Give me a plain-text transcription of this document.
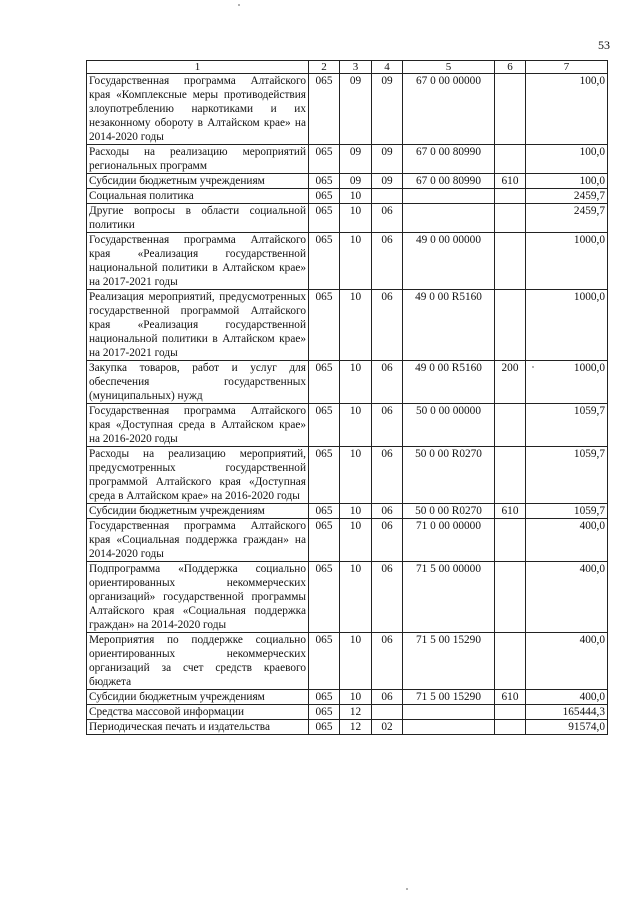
53
1	2	3	4	5	6	7
Государственная программа Алтайского края «Комплексные меры противодействия злоупотреблению наркотиками и их незаконному обороту в Алтайском крае» на 2014-2020 годы	065	09	09	67 0 00 00000		100,0
Расходы на реализацию мероприятий региональных программ	065	09	09	67 0 00 80990		100,0
Субсидии бюджетным учреждениям	065	09	09	67 0 00 80990	610	100,0
Социальная политика	065	10				2459,7
Другие вопросы в области социальной политики	065	10	06			2459,7
Государственная программа Алтайского края «Реализация государственной национальной политики в Алтайском крае» на 2017-2021 годы	065	10	06	49 0 00 00000		1000,0
Реализация мероприятий, предусмотренных государственной программой Алтайского края «Реализация государственной национальной политики в Алтайском крае» на 2017-2021 годы	065	10	06	49 0 00 R5160		1000,0
Закупка товаров, работ и услуг для обеспечения государственных (муниципальных) нужд	065	10	06	49 0 00 R5160	200	1000,0
Государственная программа Алтайского края «Доступная среда в Алтайском крае» на 2016-2020 годы	065	10	06	50 0 00 00000		1059,7
Расходы на реализацию мероприятий, предусмотренных государственной программой Алтайского края «Доступная среда в Алтайском крае» на 2016-2020 годы	065	10	06	50 0 00 R0270		1059,7
Субсидии бюджетным учреждениям	065	10	06	50 0 00 R0270	610	1059,7
Государственная программа Алтайского края «Социальная поддержка граждан» на 2014-2020 годы	065	10	06	71 0 00 00000		400,0
Подпрограмма «Поддержка социально ориентированных некоммерческих организаций» государственной программы Алтайского края «Социальная поддержка граждан» на 2014-2020 годы	065	10	06	71 5 00 00000		400,0
Мероприятия по поддержке социально ориентированных некоммерческих организаций за счет средств краевого бюджета	065	10	06	71 5 00 15290		400,0
Субсидии бюджетным учреждениям	065	10	06	71 5 00 15290	610	400,0
Средства массовой информации	065	12				165444,3
Периодическая печать и издательства	065	12	02			91574,0
